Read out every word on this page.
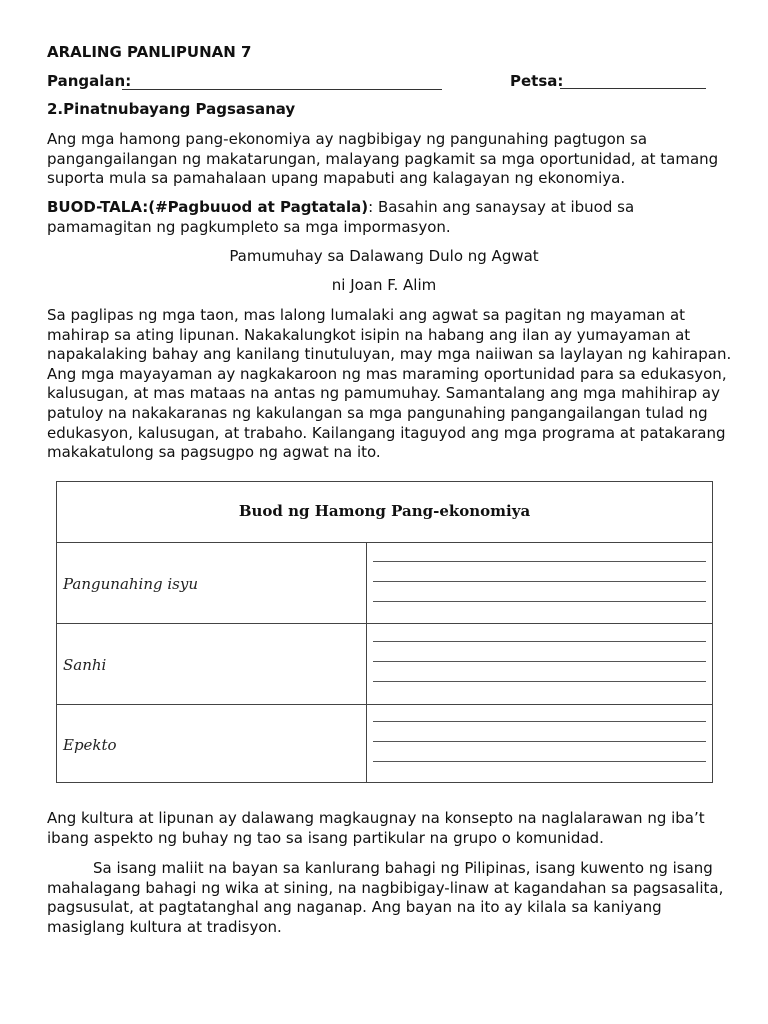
ARALING PANLIPUNAN 7
Pangalan:	Petsa:
2.Pinatnubayang Pagsasanay

Ang mga hamong pang-ekonomiya ay nagbibigay ng pangunahing pagtugon sa pangangailangan ng makatarungan, malayang pagkamit sa mga oportunidad, at tamang suporta mula sa pamahalaan upang mapabuti ang kalagayan ng ekonomiya.

BUOD-TALA:(#Pagbuuod at Pagtatala): Basahin ang sanaysay at ibuod sa pamamagitan ng pagkumpleto sa mga impormasyon.

Pamumuhay sa Dalawang Dulo ng Agwat
ni Joan F. Alim

Sa paglipas ng mga taon, mas lalong lumalaki ang agwat sa pagitan ng mayaman at mahirap sa ating lipunan. Nakakalungkot isipin na habang ang ilan ay yumayaman at napakalaking bahay ang kanilang tinutuluyan, may mga naiiwan sa laylayan ng kahirapan. Ang mga mayayaman ay nagkakaroon ng mas maraming oportunidad para sa edukasyon, kalusugan, at mas mataas na antas ng pamumuhay. Samantalang ang mga mahihirap ay patuloy na nakakaranas ng kakulangan sa mga pangunahing pangangailangan tulad ng edukasyon, kalusugan, at trabaho. Kailangang itaguyod ang mga programa at patakarang makakatulong sa pagsugpo ng agwat na ito.

Buod ng Hamong Pang-ekonomiya
Pangunahing isyu
Sanhi
Epekto

Ang kultura at lipunan ay dalawang magkaugnay na konsepto na naglalarawan ng iba’t ibang aspekto ng buhay ng tao sa isang partikular na grupo o komunidad.

Sa isang maliit na bayan sa kanlurang bahagi ng Pilipinas, isang kuwento ng isang mahalagang bahagi ng wika at sining, na nagbibigay-linaw at kagandahan sa pagsasalita, pagsusulat, at pagtatanghal ang naganap. Ang bayan na ito ay kilala sa kaniyang masiglang kultura at tradisyon.
